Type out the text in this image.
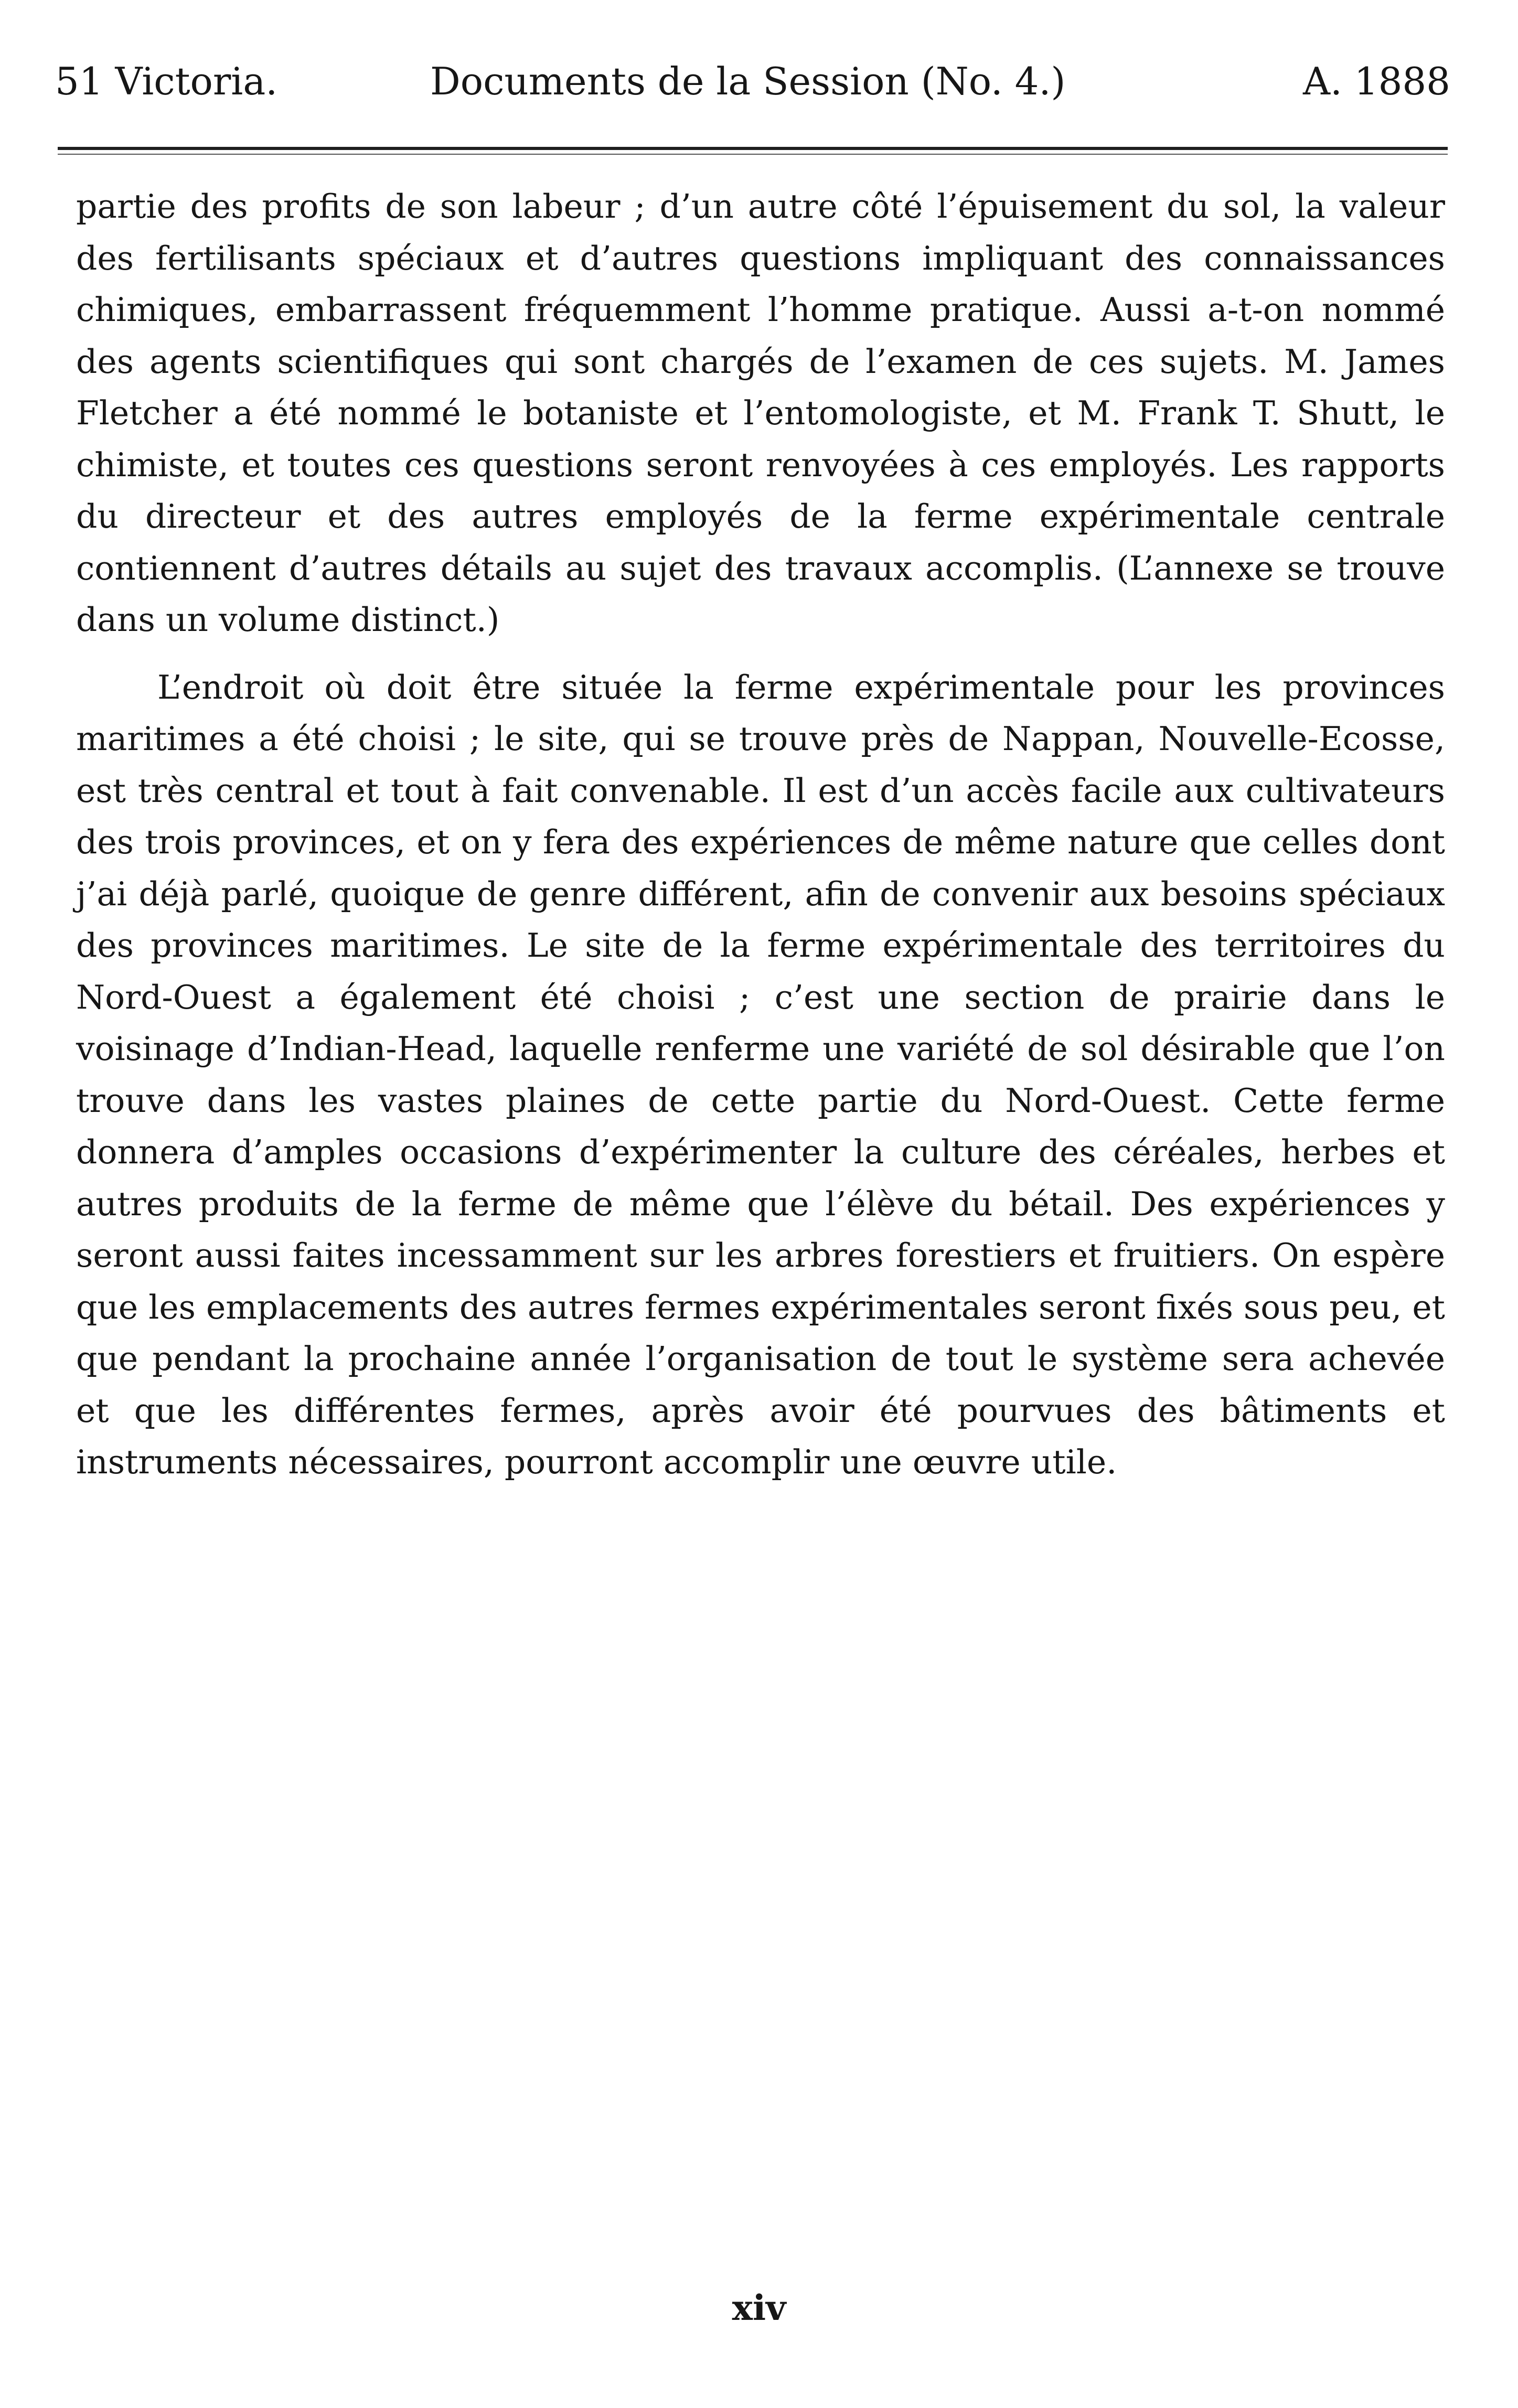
51 Victoria.	Documents de la Session (No. 4.)	A. 1888

partie des profits de son labeur ; d’un autre côté l’épuisement du sol, la valeur des fertilisants spéciaux et d’autres questions impliquant des connaissances chimiques, embarrassent fréquemment l’homme pratique. Aussi a-t-on nommé des agents scientifiques qui sont chargés de l’examen de ces sujets. M. James Fletcher a été nommé le botaniste et l’entomologiste, et M. Frank T. Shutt, le chimiste, et toutes ces questions seront renvoyées à ces employés. Les rapports du directeur et des autres employés de la ferme expérimentale centrale contiennent d’autres détails au sujet des travaux accomplis. (L’annexe se trouve dans un volume distinct.)

L’endroit où doit être située la ferme expérimentale pour les provinces maritimes a été choisi ; le site, qui se trouve près de Nappan, Nouvelle-Ecosse, est très central et tout à fait convenable. Il est d’un accès facile aux cultivateurs des trois provinces, et on y fera des expériences de même nature que celles dont j’ai déjà parlé, quoique de genre différent, afin de convenir aux besoins spéciaux des provinces maritimes. Le site de la ferme expérimentale des territoires du Nord-Ouest a également été choisi ; c’est une section de prairie dans le voisinage d’Indian-Head, laquelle renferme une variété de sol désirable que l’on trouve dans les vastes plaines de cette partie du Nord-Ouest. Cette ferme donnera d’amples occasions d’expérimenter la culture des céréales, herbes et autres produits de la ferme de même que l’élève du bétail. Des expériences y seront aussi faites incessamment sur les arbres forestiers et fruitiers. On espère que les emplacements des autres fermes expérimentales seront fixés sous peu, et que pendant la prochaine année l’organisation de tout le système sera achevée et que les différentes fermes, après avoir été pourvues des bâtiments et instruments nécessaires, pourront accomplir une œuvre utile.

xiv
